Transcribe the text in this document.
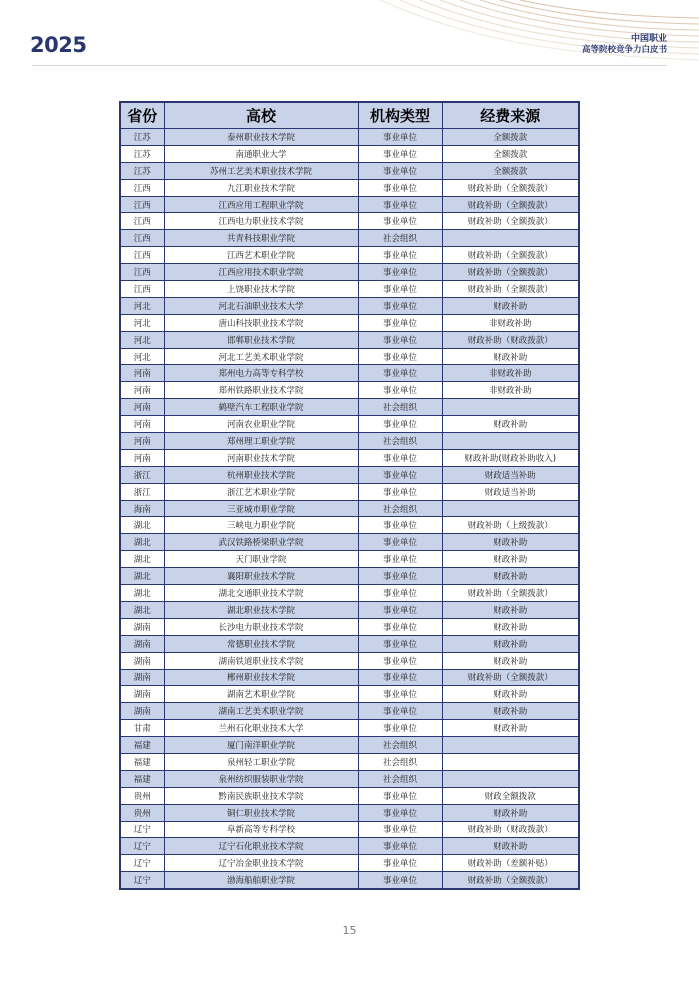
2025	中国职业
高等院校竞争力白皮书
省份	高校	机构类型	经费来源
江苏	泰州职业技术学院	事业单位	全额拨款
江苏	南通职业大学	事业单位	全额拨款
江苏	苏州工艺美术职业技术学院	事业单位	全额拨款
江西	九江职业技术学院	事业单位	财政补助（全额拨款）
江西	江西应用工程职业学院	事业单位	财政补助（全额拨款）
江西	江西电力职业技术学院	事业单位	财政补助（全额拨款）
江西	共青科技职业学院	社会组织	
江西	江西艺术职业学院	事业单位	财政补助（全额拨款）
江西	江西应用技术职业学院	事业单位	财政补助（全额拨款）
江西	上饶职业技术学院	事业单位	财政补助（全额拨款）
河北	河北石油职业技术大学	事业单位	财政补助
河北	唐山科技职业技术学院	事业单位	非财政补助
河北	邯郸职业技术学院	事业单位	财政补助（财政拨款）
河北	河北工艺美术职业学院	事业单位	财政补助
河南	郑州电力高等专科学校	事业单位	非财政补助
河南	郑州铁路职业技术学院	事业单位	非财政补助
河南	鹤壁汽车工程职业学院	社会组织	
河南	河南农业职业学院	事业单位	财政补助
河南	郑州理工职业学院	社会组织	
河南	河南职业技术学院	事业单位	财政补助(财政补助收入)
浙江	杭州职业技术学院	事业单位	财政适当补助
浙江	浙江艺术职业学院	事业单位	财政适当补助
海南	三亚城市职业学院	社会组织	
湖北	三峡电力职业学院	事业单位	财政补助（上级拨款）
湖北	武汉铁路桥梁职业学院	事业单位	财政补助
湖北	天门职业学院	事业单位	财政补助
湖北	襄阳职业技术学院	事业单位	财政补助
湖北	湖北交通职业技术学院	事业单位	财政补助（全额拨款）
湖北	湖北职业技术学院	事业单位	财政补助
湖南	长沙电力职业技术学院	事业单位	财政补助
湖南	常德职业技术学院	事业单位	财政补助
湖南	湖南铁道职业技术学院	事业单位	财政补助
湖南	郴州职业技术学院	事业单位	财政补助（全额拨款）
湖南	湖南艺术职业学院	事业单位	财政补助
湖南	湖南工艺美术职业学院	事业单位	财政补助
甘肃	兰州石化职业技术大学	事业单位	财政补助
福建	厦门南洋职业学院	社会组织	
福建	泉州轻工职业学院	社会组织	
福建	泉州纺织服装职业学院	社会组织	
贵州	黔南民族职业技术学院	事业单位	财政全额拨款
贵州	铜仁职业技术学院	事业单位	财政补助
辽宁	阜新高等专科学校	事业单位	财政补助（财政拨款）
辽宁	辽宁石化职业技术学院	事业单位	财政补助
辽宁	辽宁冶金职业技术学院	事业单位	财政补助（差额补贴）
辽宁	渤海船舶职业学院	事业单位	财政补助（全额拨款）
15
